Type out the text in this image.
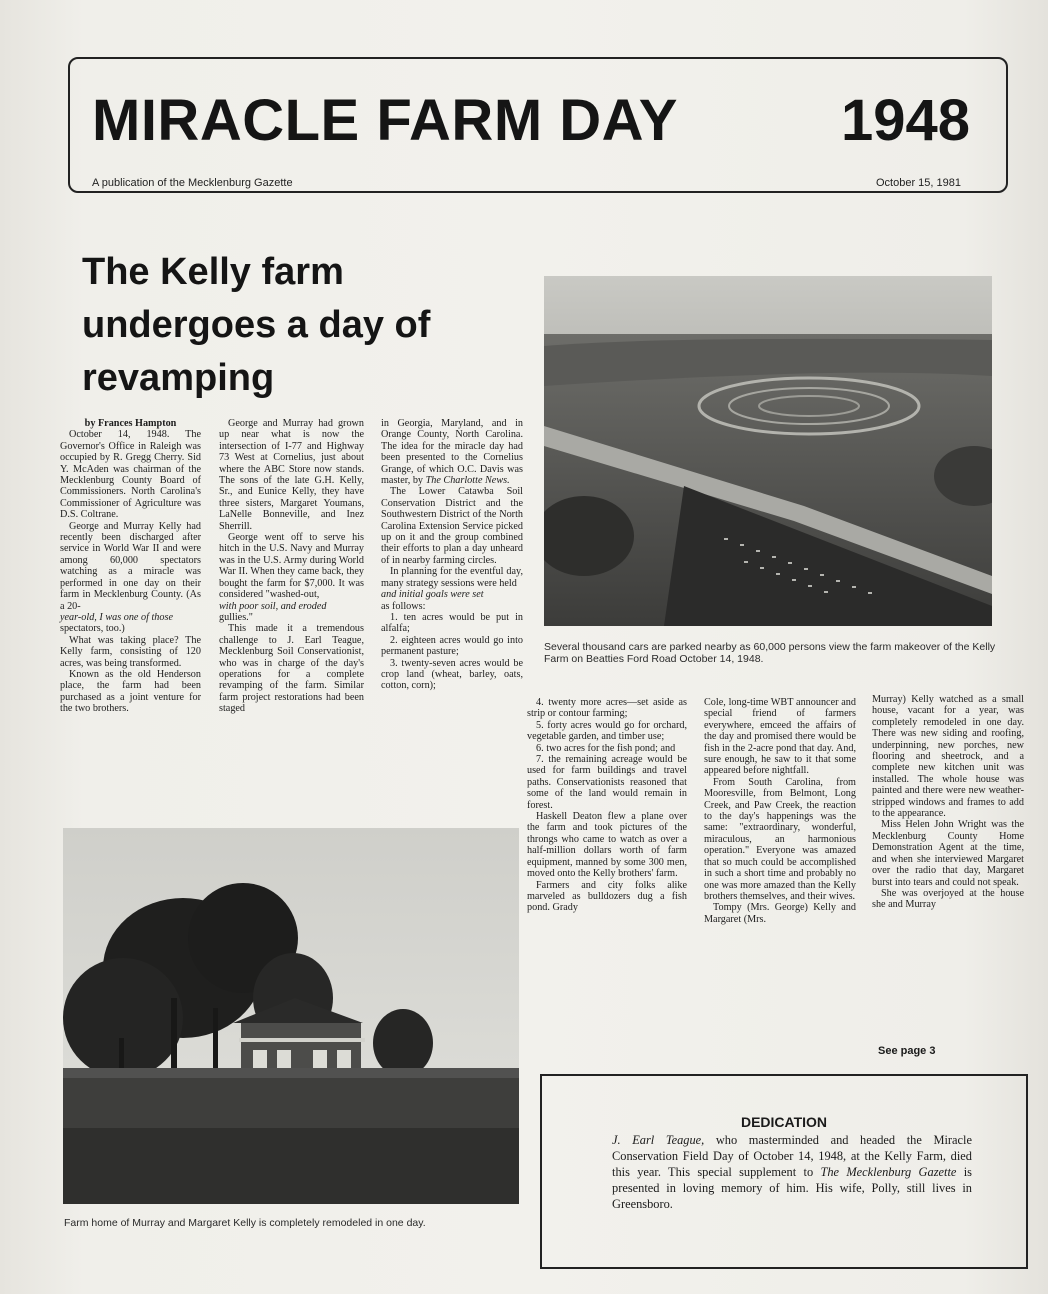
MIRACLE FARM DAY	1948
A publication of the Mecklenburg Gazette	October 15, 1981
The Kelly farm undergoes a day of revamping

by Frances Hampton

October 14, 1948. The Governor's Office in Raleigh was occupied by R. Gregg Cherry. Sid Y. McAden was chairman of the Mecklenburg County Board of Commissioners. North Carolina's Commissioner of Agriculture was D.S. Coltrane.

George and Murray Kelly had recently been discharged after service in World War II and were among 60,000 spectators watching as a miracle was performed in one day on their farm in Mecklenburg County. (As a 20-

year-old, I was one of those

spectators, too.)

What was taking place? The Kelly farm, consisting of 120 acres, was being transformed.

Known as the old Henderson place, the farm had been purchased as a joint venture for the two brothers.

George and Murray had grown up near what is now the intersection of I-77 and Highway 73 West at Cornelius, just about where the ABC Store now stands. The sons of the late G.H. Kelly, Sr., and Eunice Kelly, they have three sisters, Margaret Youmans, LaNelle Bonneville, and Inez Sherrill.

George went off to serve his hitch in the U.S. Navy and Murray was in the U.S. Army during World War II. When they came back, they bought the farm for $7,000. It was considered "washed-out,

with poor soil, and eroded

gullies."

This made it a tremendous challenge to J. Earl Teague, Mecklenburg Soil Conservationist, who was in charge of the day's operations for a complete revamping of the farm. Similar farm project restorations had been staged

in Georgia, Maryland, and in Orange County, North Carolina. The idea for the miracle day had been presented to the Cornelius Grange, of which O.C. Davis was master, by The Charlotte News.

The Lower Catawba Soil Conservation District and the Southwestern District of the North Carolina Extension Service picked up on it and the group combined their efforts to plan a day unheard of in nearby farming circles.

In planning for the eventful day, many strategy sessions were held

and initial goals were set

as follows:

1. ten acres would be put in alfalfa;

2. eighteen acres would go into permanent pasture;

3. twenty-seven acres would be crop land (wheat, barley, oats, cotton, corn);

Several thousand cars are parked nearby as 60,000 persons view the farm makeover of the Kelly Farm on Beatties Ford Road October 14, 1948.

4. twenty more acres—set aside as strip or contour farming;

5. forty acres would go for orchard, vegetable garden, and timber use;

6. two acres for the fish pond; and

7. the remaining acreage would be used for farm buildings and travel paths. Conservationists reasoned that some of the land would remain in forest.

Haskell Deaton flew a plane over the farm and took pictures of the throngs who came to watch as over a half-million dollars worth of farm equipment, manned by some 300 men, moved onto the Kelly brothers' farm.

Farmers and city folks alike marveled as bulldozers dug a fish pond. Grady

Cole, long-time WBT announcer and special friend of farmers everywhere, emceed the affairs of the day and promised there would be fish in the 2-acre pond that day. And, sure enough, he saw to it that some appeared before nightfall.

From South Carolina, from Mooresville, from Belmont, Long Creek, and Paw Creek, the reaction to the day's happenings was the same: "extraordinary, wonderful, miraculous, an harmonious operation." Everyone was amazed that so much could be accomplished in such a short time and probably no one was more amazed than the Kelly brothers themselves, and their wives.

Tompy (Mrs. George) Kelly and Margaret (Mrs.

Murray) Kelly watched as a small house, vacant for a year, was completely remodeled in one day. There was new siding and roofing, underpinning, new porches, new flooring and sheetrock, and a complete new kitchen unit was installed. The whole house was painted and there were new weather-stripped windows and frames to add to the appearance.

Miss Helen John Wright was the Mecklenburg County Home Demonstration Agent at the time, and when she interviewed Margaret over the radio that day, Margaret burst into tears and could not speak.

She was overjoyed at the house she and Murray

See page 3
Farm home of Murray and Margaret Kelly is completely remodeled in one day.
DEDICATION

J. Earl Teague, who masterminded and headed the Miracle Conservation Field Day of October 14, 1948, at the Kelly Farm, died this year. This special supplement to The Mecklenburg Gazette is presented in loving memory of him. His wife, Polly, still lives in Greensboro.
